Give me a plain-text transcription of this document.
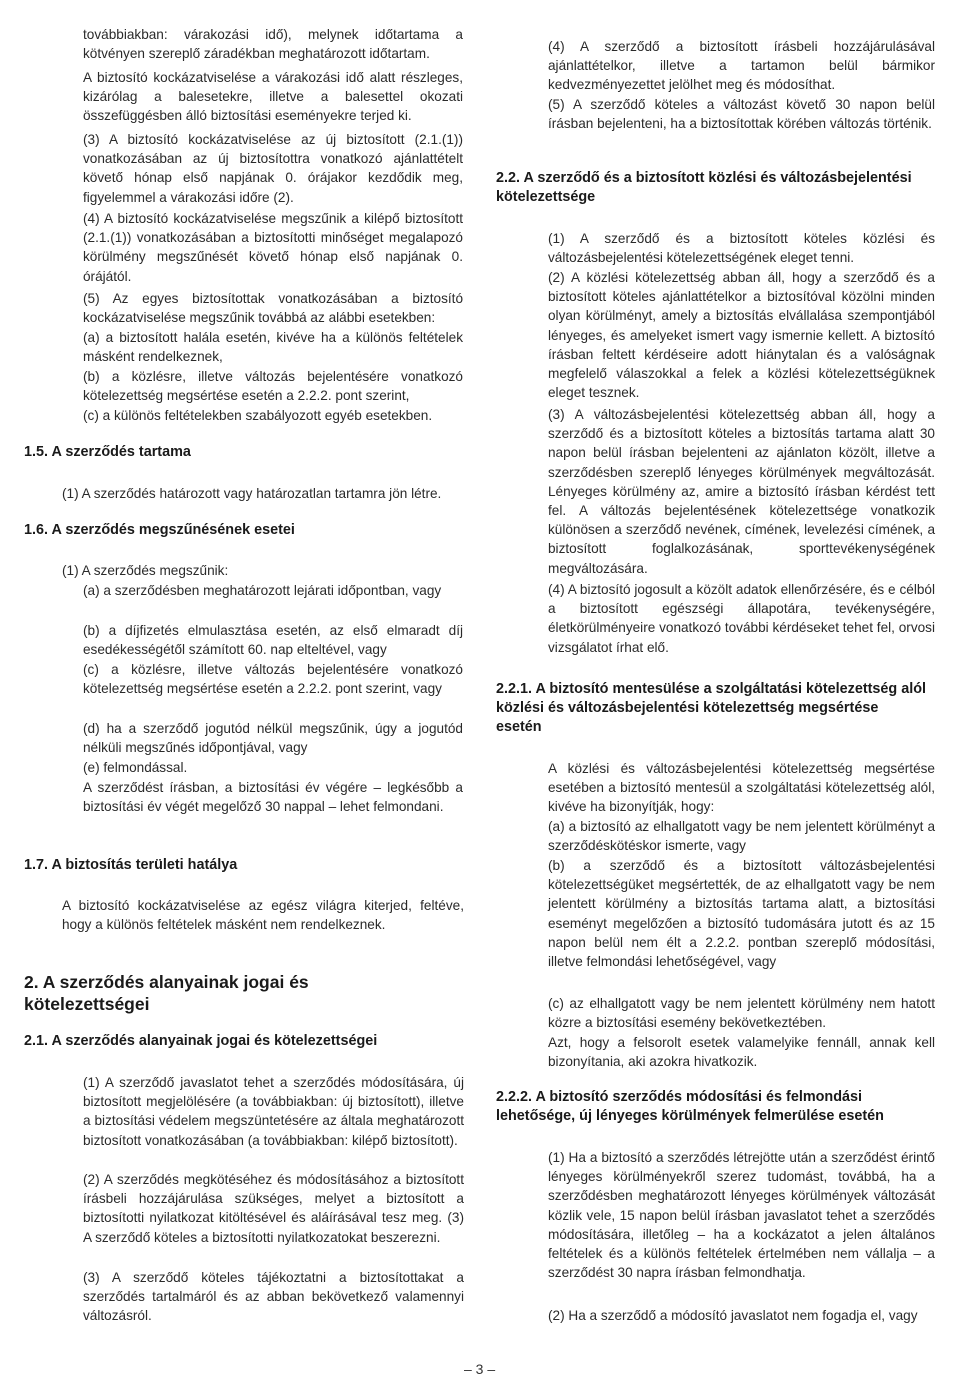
továbbiakban: várakozási idő), melynek időtartama a kötvényen szereplő záradékban meghatározott időtartam.

A biztosító kockázatviselése a várakozási idő alatt részleges, kizárólag a balesetekre, illetve a balesettel okozati összefüggésben álló biztosítási eseményekre terjed ki.

(3) A biztosító kockázatviselése az új biztosított (2.1.(1)) vonatkozásában az új biztosítottra vonatkozó ajánlattételt követő hónap első napjának 0. órájakor kezdődik meg, figyelemmel a várakozási időre (2).

(4) A biztosító kockázatviselése megszűnik a kilépő biztosított (2.1.(1)) vonatkozásában a biztosítotti minőséget megalapozó körülmény megszűnését követő hónap első napjának 0. órájától.

(5) Az egyes biztosítottak vonatkozásában a biztosító kockázatviselése megszűnik továbbá az alábbi esetekben:

(a) a biztosított halála esetén, kivéve ha a különös feltételek másként rendelkeznek,

(b) a közlésre, illetve változás bejelentésére vonatkozó kötelezettség megsértése esetén a 2.2.2. pont szerint,

(c) a különös feltételekben szabályozott egyéb esetekben.

1.5. A szerződés tartama

(1) A szerződés határozott vagy határozatlan tartamra jön létre.

1.6. A szerződés megszűnésének esetei

(1) A szerződés megszűnik:

(a) a szerződésben meghatározott lejárati időpontban, vagy

(b) a díjfizetés elmulasztása esetén, az első elmaradt díj esedékességétől számított 60. nap elteltével, vagy

(c) a közlésre, illetve változás bejelentésére vonatkozó kötelezettség megsértése esetén a 2.2.2. pont szerint, vagy

(d) ha a szerződő jogutód nélkül megszűnik, úgy a jogutód nélküli megszűnés időpontjával, vagy

(e) felmondással.

A szerződést írásban, a biztosítási év végére – legkésőbb a biztosítási év végét megelőző 30 nappal – lehet felmondani.

1.7. A biztosítás területi hatálya

A biztosító kockázatviselése az egész világra kiterjed, feltéve, hogy a különös feltételek másként nem rendelkeznek.

2. A szerződés alanyainak jogai és kötelezettségei
2.1. A szerződés alanyainak jogai és kötelezettségei

(1) A szerződő javaslatot tehet a szerződés módosítására, új biztosított megjelölésére (a továbbiakban: új biztosított), illetve a biztosítási védelem megszüntetésére az általa meghatározott biztosított vonatkozásában (a továbbiakban: kilépő biztosított).

(2) A szerződés megkötéséhez és módosításához a biztosított írásbeli hozzájárulása szükséges, melyet a biztosított a biztosítotti nyilatkozat kitöltésével és aláírásával tesz meg. (3) A szerződő köteles a biztosítotti nyilatkozatokat beszerezni.

(3) A szerződő köteles tájékoztatni a biztosítottakat a szerződés tartalmáról és az abban bekövetkező valamennyi változásról.

(4) A szerződő a biztosított írásbeli hozzájárulásával ajánlattételkor, illetve a tartamon belül bármikor kedvezményezettet jelölhet meg és módosíthat.

(5) A szerződő köteles a változást követő 30 napon belül írásban bejelenteni, ha a biztosítottak körében változás történik.

2.2. A szerződő és a biztosított közlési és változásbejelentési kötelezettsége

(1) A szerződő és a biztosított köteles közlési és változásbejelentési kötelezettségének eleget tenni.

(2) A közlési kötelezettség abban áll, hogy a szerződő és a biztosított köteles ajánlattételkor a biztosítóval közölni minden olyan körülményt, amely a biztosítás elvállalása szempontjából lényeges, és amelyeket ismert vagy ismernie kellett. A biztosító írásban feltett kérdéseire adott hiánytalan és a valóságnak megfelelő válaszokkal a felek a közlési kötelezettségüknek eleget tesznek.

(3) A változásbejelentési kötelezettség abban áll, hogy a szerződő és a biztosított köteles a biztosítás tartama alatt 30 napon belül írásban bejelenteni az ajánlaton közölt, illetve a szerződésben szereplő lényeges körülmények megváltozását. Lényeges körülmény az, amire a biztosító írásban kérdést tett fel. A változás bejelentésének kötelezettsége vonatkozik különösen a szerződő nevének, címének, levelezési címének, a biztosított foglalkozásának, sporttevékenységének megváltozására.

(4) A biztosító jogosult a közölt adatok ellenőrzésére, és e célból a biztosított egészségi állapotára, tevékenységére, életkörülményeire vonatkozó további kérdéseket tehet fel, orvosi vizsgálatot írhat elő.

2.2.1. A biztosító mentesülése a szolgáltatási kötelezettség alól közlési és változásbejelentési kötelezettség megsértése esetén

A közlési és változásbejelentési kötelezettség megsértése esetében a biztosító mentesül a szolgáltatási kötelezettség alól, kivéve ha bizonyítják, hogy:

(a) a biztosító az elhallgatott vagy be nem jelentett körülményt a szerződéskötéskor ismerte, vagy

(b) a szerződő és a biztosított változásbejelentési kötelezettségüket megsértették, de az elhallgatott vagy be nem jelentett körülmény a biztosítás tartama alatt, a biztosítási eseményt megelőzően a biztosító tudomására jutott és az 15 napon belül nem élt a 2.2.2. pontban szereplő módosítási, illetve felmondási lehetőségével, vagy

(c) az elhallgatott vagy be nem jelentett körülmény nem hatott közre a biztosítási esemény bekövetkeztében.

Azt, hogy a felsorolt esetek valamelyike fennáll, annak kell bizonyítania, aki azokra hivatkozik.

2.2.2. A biztosító szerződés módosítási és felmondási lehetősége, új lényeges körülmények felmerülése esetén

(1) Ha a biztosító a szerződés létrejötte után a szerződést érintő lényeges körülményekről szerez tudomást, továbbá, ha a szerződésben meghatározott lényeges körülmények változását közlik vele, 15 napon belül írásban javaslatot tehet a szerződés módosítására, illetőleg – ha a kockázatot a jelen általános feltételek és a különös feltételek értelmében nem vállalja – a szerződést 30 napra írásban felmondhatja.

(2) Ha a szerződő a módosító javaslatot nem fogadja el, vagy

– 3 –
